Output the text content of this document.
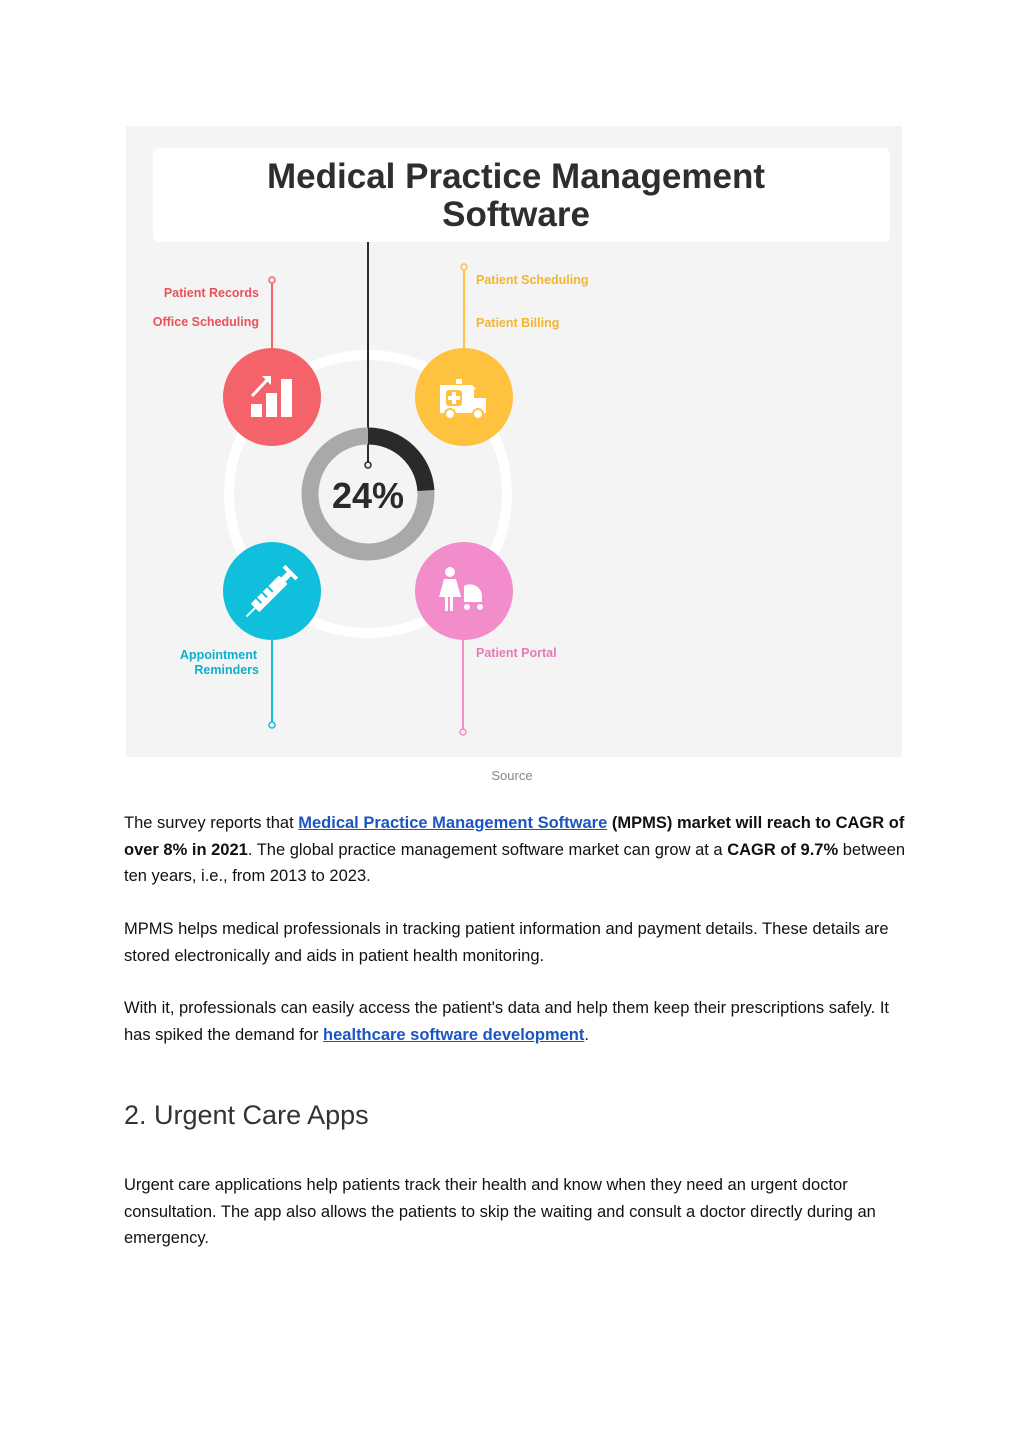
Medical Practice Management
Software
24%
Patient Records
Office Scheduling
Patient Scheduling
Patient Billing
Appointment
Reminders
Patient Portal
Source

The survey reports that Medical Practice Management Software (MPMS) market will reach to CAGR of over 8% in 2021. The global practice management software market can grow at a CAGR of 9.7% between ten years, i.e., from 2013 to 2023.

MPMS helps medical professionals in tracking patient information and payment details. These details are stored electronically and aids in patient health monitoring.

With it, professionals can easily access the patient's data and help them keep their prescriptions safely. It has spiked the demand for healthcare software development.

2. Urgent Care Apps

Urgent care applications help patients track their health and know when they need an urgent doctor consultation. The app also allows the patients to skip the waiting and consult a doctor directly during an emergency.
